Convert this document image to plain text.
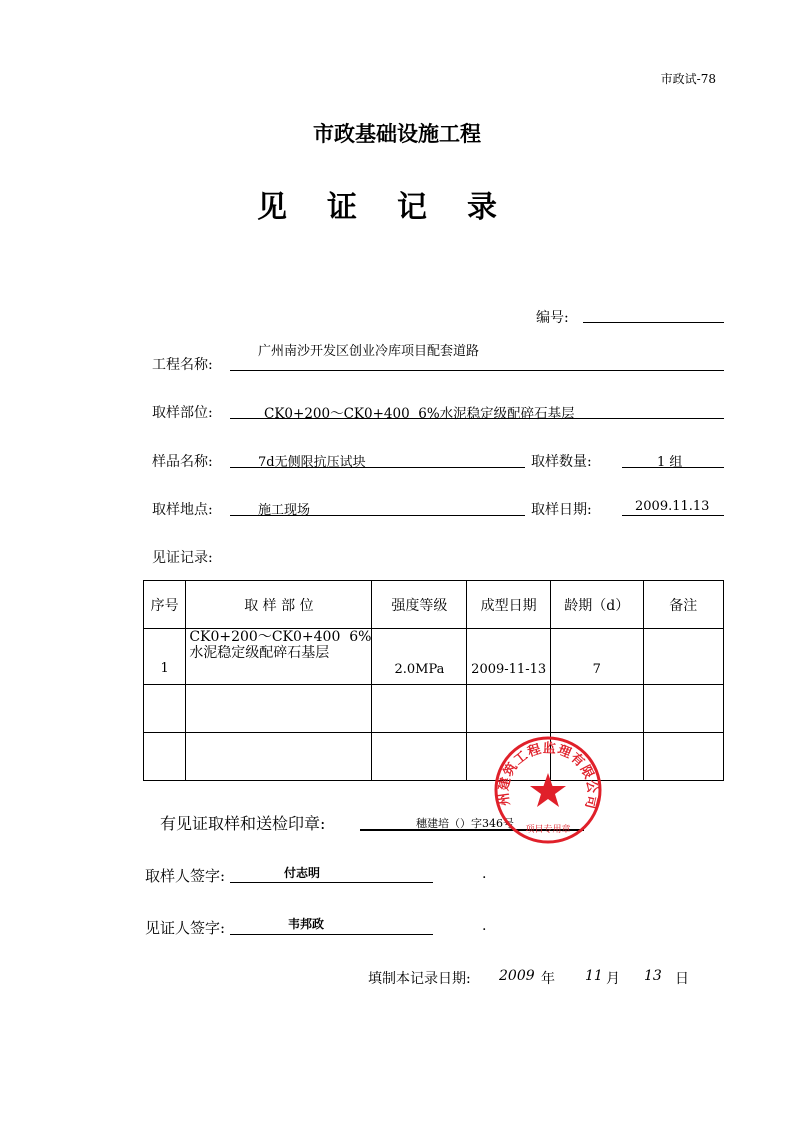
市政试-78
市政基础设施工程
见证记录
编号:
工程名称:
广州南沙开发区创业冷库项目配套道路
取样部位:	CK0+200～CK0+400  6%水泥稳定级配碎石基层
样品名称:	7d无侧限抗压试块	取样数量:	1 组
取样地点:	施工现场	取样日期:	2009.11.13
见证记录:
序号	取 样 部 位	强度等级	成型日期	龄期（d）	备注
1	CK0+200～CK0+400  6%
水泥稳定级配碎石基层	2.0MPa	2009-11-13	7	

有见证取样和送检印章:	穗建培（）字346号
州建筑工程监理有限公司
项目专用章
取样人签字:	付志明	.
见证人签字:	韦邦政	.
填制本记录日期: 2009 年 11 月 13 日
